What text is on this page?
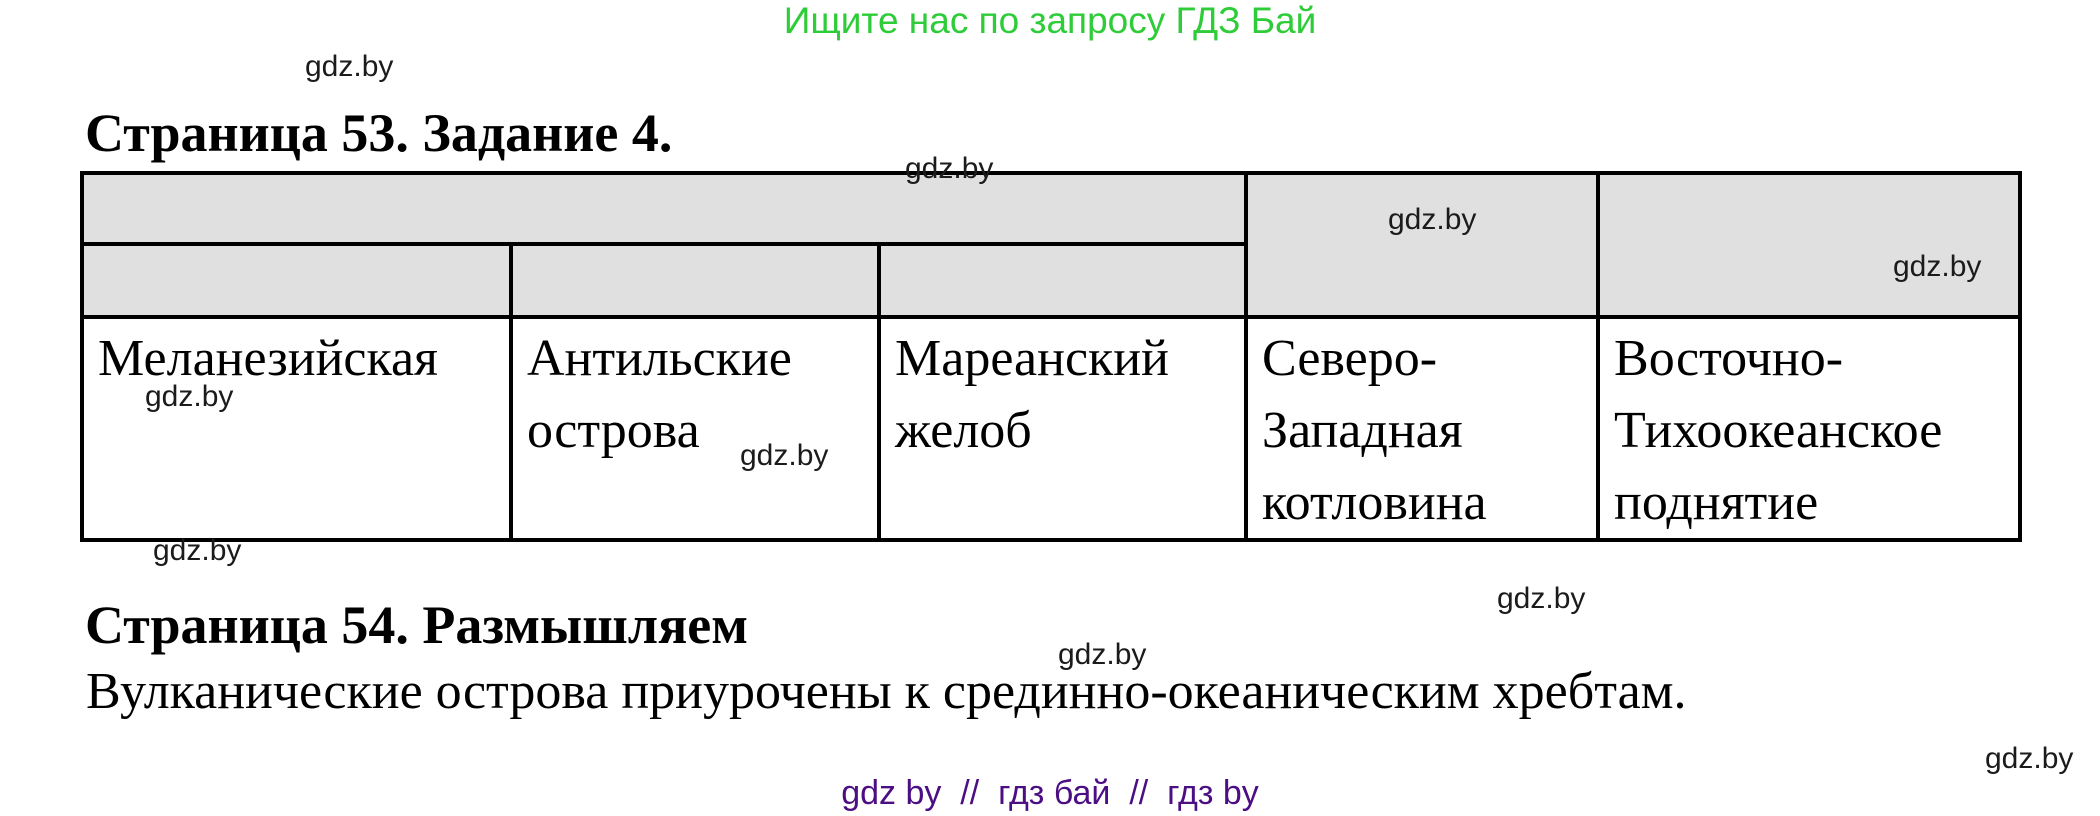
Ищите нас по запросу ГДЗ Бай
gdz.by
Страница 53. Задание 4.
gdz.by

Меланезийская	Антильские острова	Мареанский желоб	Северо-Западная котловина	Восточно-Тихоокеанское поднятие
gdz.by
gdz.by
gdz.by
gdz.by
gdz.by
gdz.by
Страница 54. Размышляем	gdz.by

Вулканические острова приурочены к срединно-океаническим хребтам.

gdz.by
gdz by  //  гдз бай  //  гдз by
